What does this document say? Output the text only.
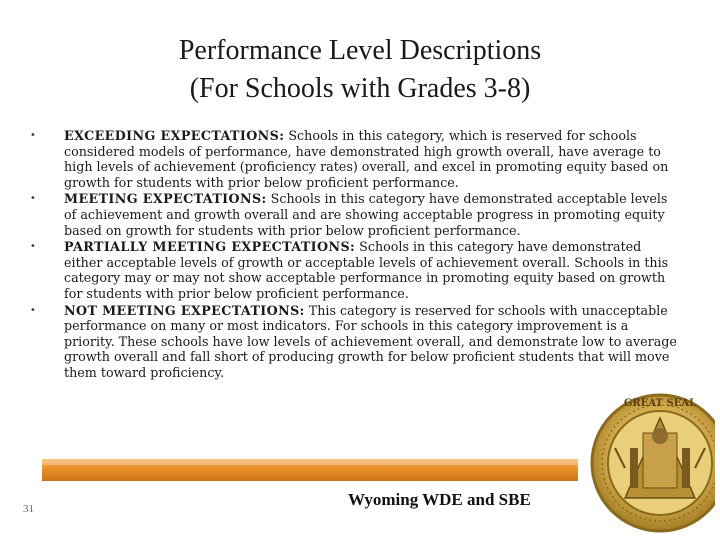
Performance Level Descriptions
(For Schools with Grades 3-8)
GREAT SEAL
•	EXCEEDING EXPECTATIONS: Schools in this category, which is reserved for schools considered models of performance, have demonstrated high growth overall, have average to high levels of achievement (proficiency rates) overall, and excel in promoting equity based on growth for students with prior below proficient performance.
•	MEETING EXPECTATIONS: Schools in this category have demonstrated acceptable levels of achievement and growth overall and are showing acceptable progress in promoting equity based on growth for students with prior below proficient performance.
•	PARTIALLY MEETING EXPECTATIONS: Schools in this category have demonstrated either acceptable levels of growth or acceptable levels of achievement overall. Schools in this category may or may not show acceptable performance in promoting equity based on growth for students with prior below proficient performance.
•	NOT MEETING EXPECTATIONS: This category is reserved for schools with unacceptable performance on many or most indicators. For schools in this category improvement is a priority. These schools have low levels of achievement overall, and demonstrate low to average growth overall and fall short of producing growth for below proficient students that will move them toward proficiency.
31	Wyoming WDE and SBE
